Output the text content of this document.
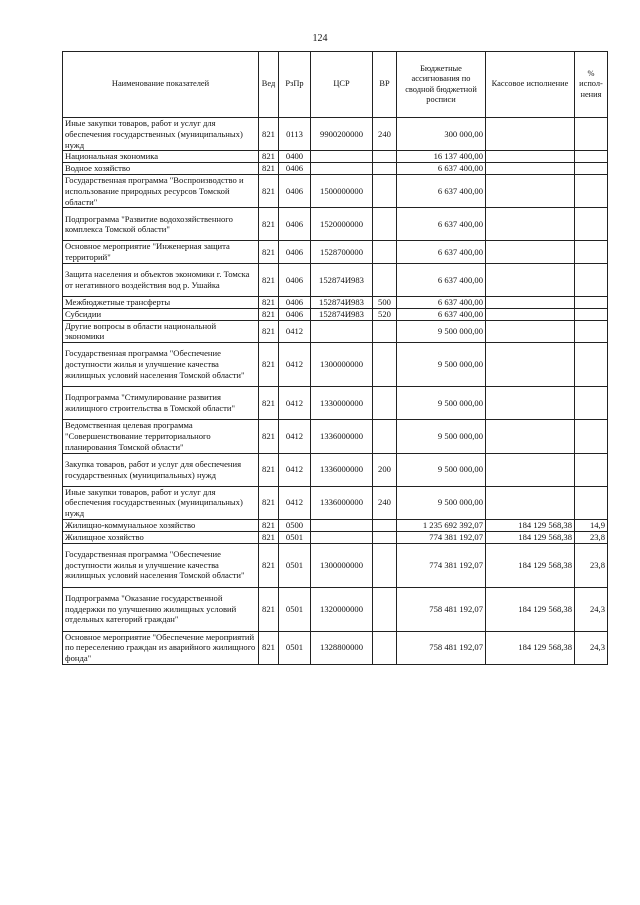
124
Наименование показателей	Вед	РзПр	ЦСР	ВР	Бюджетные ассигнования по сводной бюджетной росписи	Кассовое исполнение	% испол-нения
Иные закупки товаров, работ и услуг для обеспечения государственных (муниципальных) нужд	821	0113	9900200000	240	300 000,00		
Национальная экономика	821	0400			16 137 400,00		
Водное хозяйство	821	0406			6 637 400,00		
Государственная программа "Воспроизводство и использование природных ресурсов Томской области"	821	0406	1500000000		6 637 400,00		
Подпрограмма "Развитие водохозяйственного комплекса Томской области"	821	0406	1520000000		6 637 400,00		
Основное мероприятие "Инженерная защита территорий"	821	0406	1528700000		6 637 400,00		
Защита населения и объектов экономики г. Томска от негативного воздействия вод р. Ушайка	821	0406	152874И983		6 637 400,00		
Межбюджетные трансферты	821	0406	152874И983	500	6 637 400,00		
Субсидии	821	0406	152874И983	520	6 637 400,00		
Другие вопросы в области национальной экономики	821	0412			9 500 000,00		
Государственная программа "Обеспечение доступности жилья и улучшение качества жилищных условий населения Томской области"	821	0412	1300000000		9 500 000,00		
Подпрограмма "Стимулирование развития жилищного строительства в Томской области"	821	0412	1330000000		9 500 000,00		
Ведомственная целевая программа "Совершенствование территориального планирования Томской области"	821	0412	1336000000		9 500 000,00		
Закупка товаров, работ и услуг для обеспечения государственных (муниципальных) нужд	821	0412	1336000000	200	9 500 000,00		
Иные закупки товаров, работ и услуг для обеспечения государственных (муниципальных) нужд	821	0412	1336000000	240	9 500 000,00		
Жилищно-коммунальное хозяйство	821	0500			1 235 692 392,07	184 129 568,38	14,9
Жилищное хозяйство	821	0501			774 381 192,07	184 129 568,38	23,8
Государственная программа "Обеспечение доступности жилья и улучшение качества жилищных условий населения Томской области"	821	0501	1300000000		774 381 192,07	184 129 568,38	23,8
Подпрограмма "Оказание государственной поддержки по улучшению жилищных условий отдельных категорий граждан"	821	0501	1320000000		758 481 192,07	184 129 568,38	24,3
Основное мероприятие "Обеспечение мероприятий по переселению граждан из аварийного жилищного фонда"	821	0501	1328800000		758 481 192,07	184 129 568,38	24,3
